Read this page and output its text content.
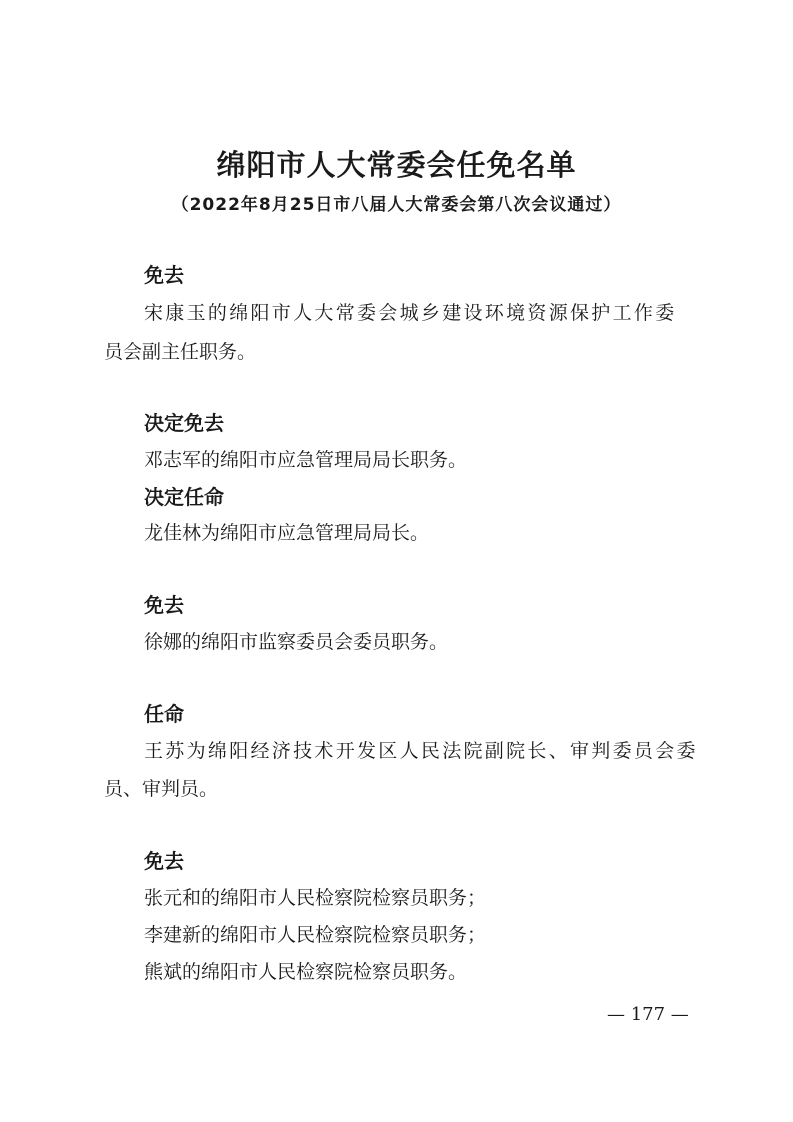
绵阳市人大常委会任免名单
（2022年8月25日市八届人大常委会第八次会议通过）
免去
宋康玉的绵阳市人大常委会城乡建设环境资源保护工作委
员会副主任职务。
决定免去
邓志军的绵阳市应急管理局局长职务。
决定任命
龙佳林为绵阳市应急管理局局长。
免去
徐娜的绵阳市监察委员会委员职务。
任命
王苏为绵阳经济技术开发区人民法院副院长、审判委员会委
员、审判员。
免去
张元和的绵阳市人民检察院检察员职务；
李建新的绵阳市人民检察院检察员职务；
熊斌的绵阳市人民检察院检察员职务。
— 177 —
